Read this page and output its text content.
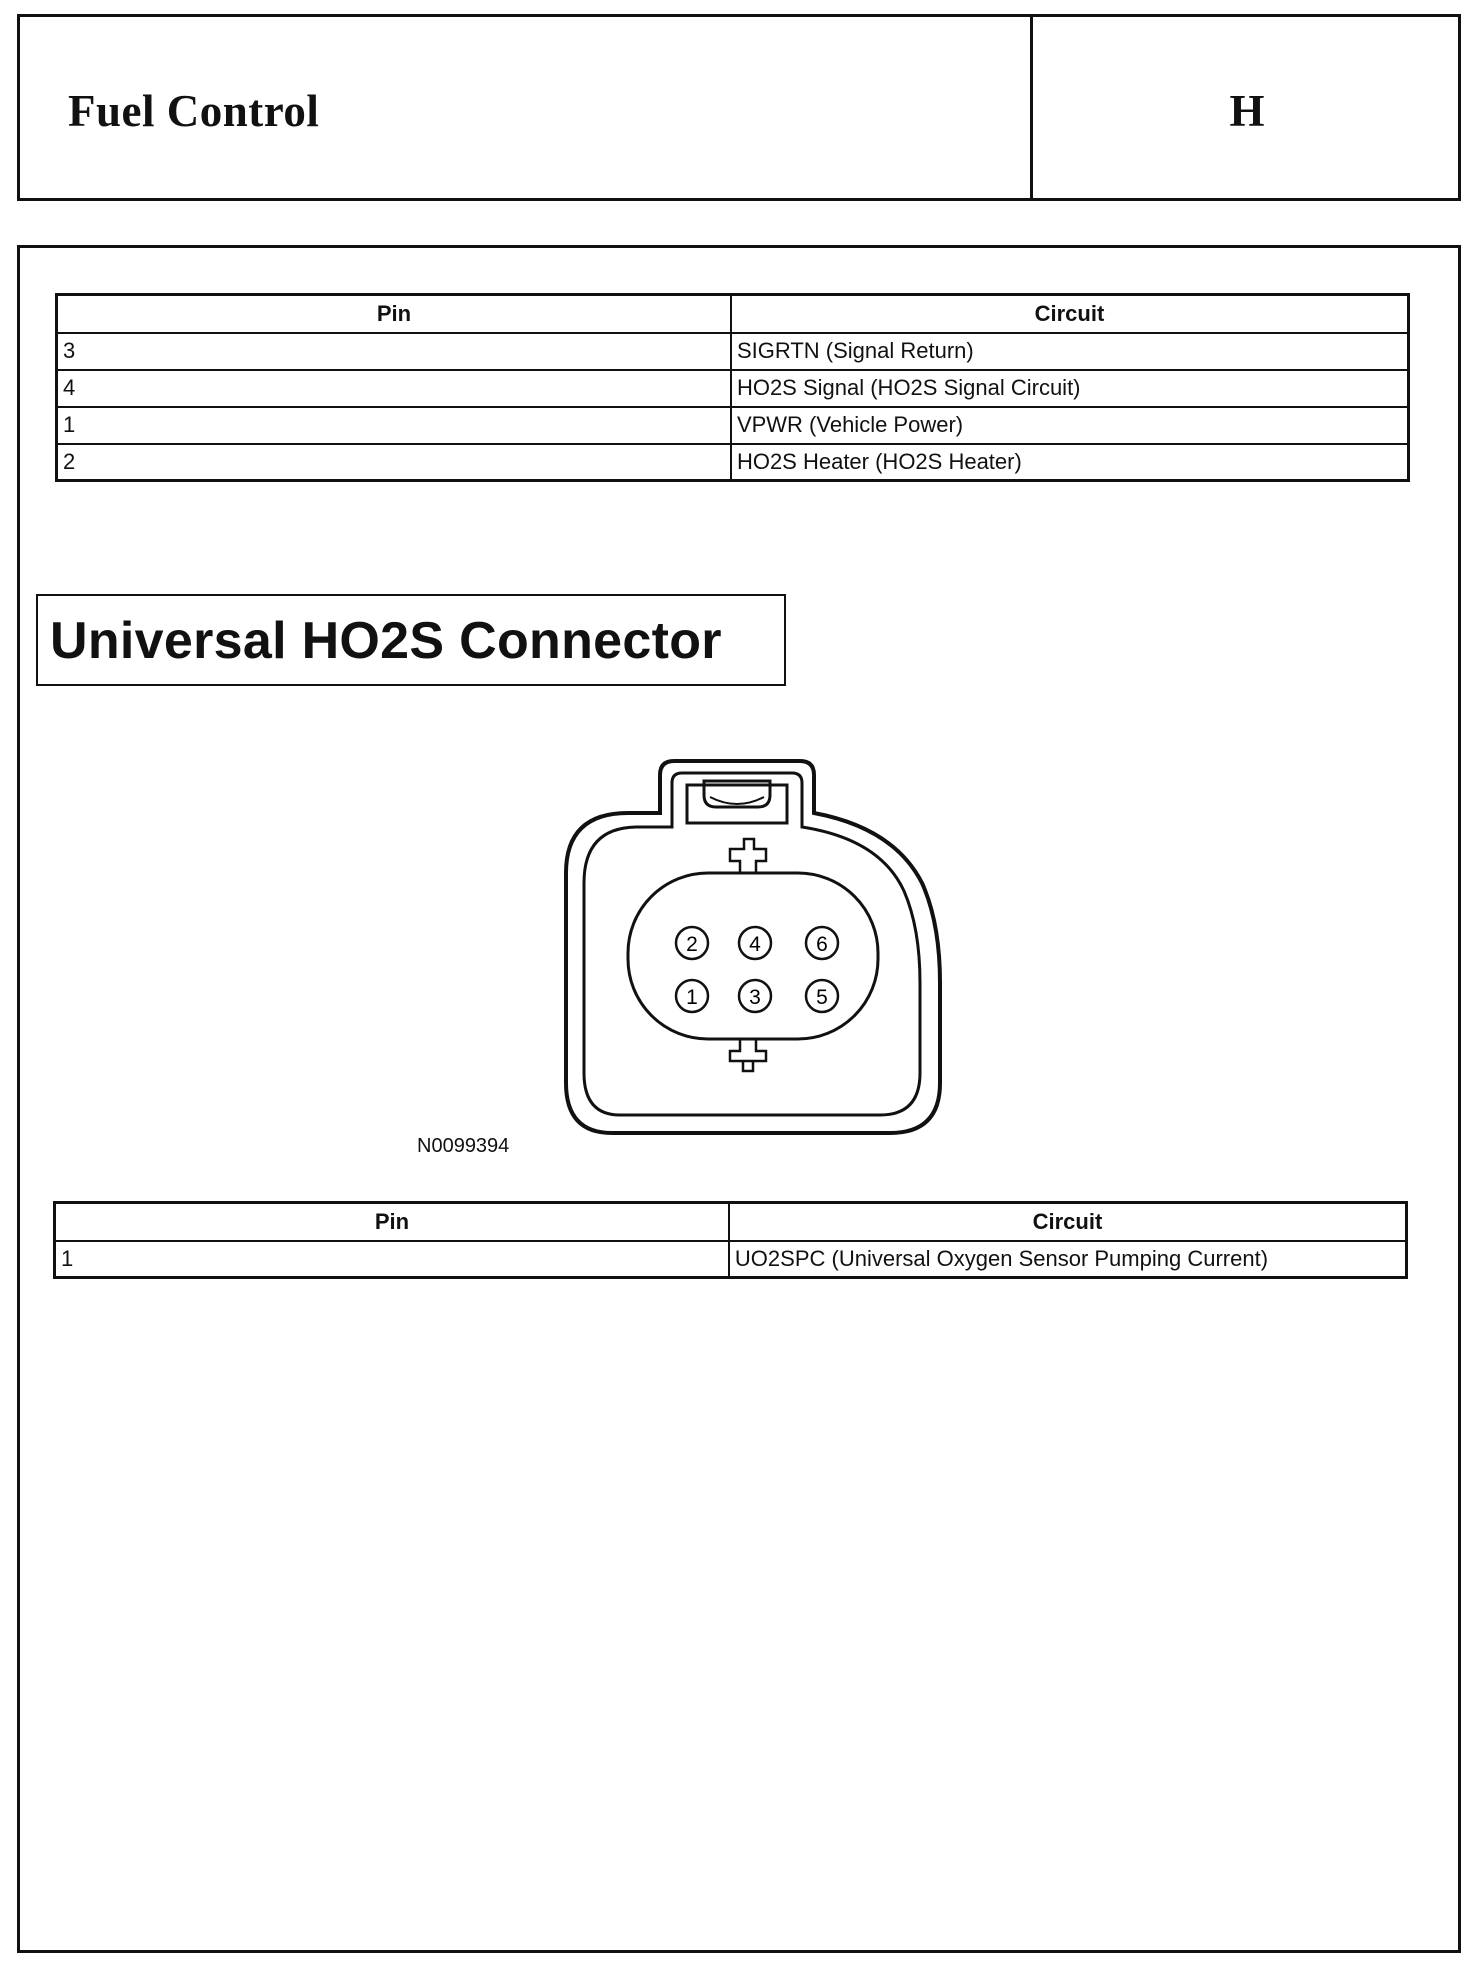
Fuel Control	H
Pin	Circuit
3	SIGRTN (Signal Return)
4	HO2S Signal (HO2S Signal Circuit)
1	VPWR (Vehicle Power)
2	HO2S Heater (HO2S Heater)
Universal HO2S Connector
2 4	6
1 3	5
N0099394
Pin	Circuit
1	UO2SPC (Universal Oxygen Sensor Pumping Current)
